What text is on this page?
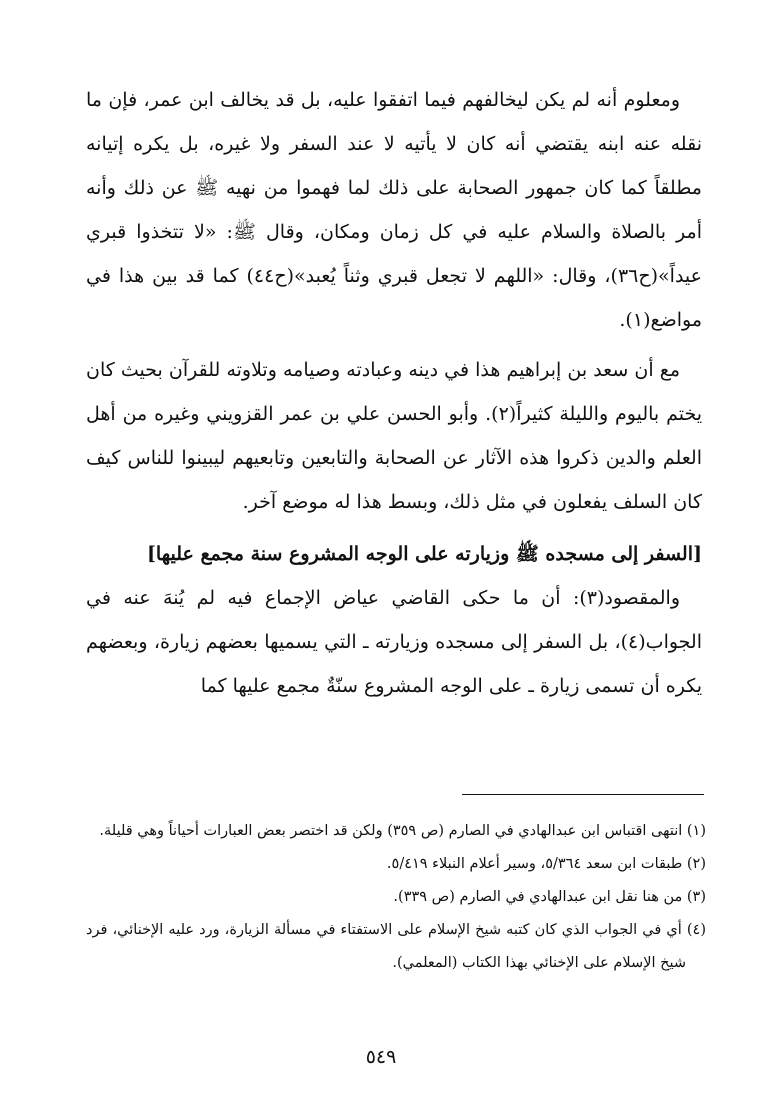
ومعلوم أنه لم يكن ليخالفهم فيما اتفقوا عليه، بل قد يخالف ابن عمر، فإن ما نقله عنه ابنه يقتضي أنه كان لا يأتيه لا عند السفر ولا غيره، بل يكره إتيانه مطلقاً كما كان جمهور الصحابة على ذلك لما فهموا من نهيه ﷺ عن ذلك وأنه أمر بالصلاة والسلام عليه في كل زمان ومكان، وقال ﷺ: «لا تتخذوا قبري عيداً»(ح٣٦)، وقال: «اللهم لا تجعل قبري وثناً يُعبد»(ح٤٤) كما قد بين هذا في مواضع(١).

مع أن سعد بن إبراهيم هذا في دينه وعبادته وصيامه وتلاوته للقرآن بحيث كان يختم باليوم والليلة كثيراً(٢). وأبو الحسن علي بن عمر القزويني وغيره من أهل العلم والدين ذكروا هذه الآثار عن الصحابة والتابعين وتابعيهم ليبينوا للناس كيف كان السلف يفعلون في مثل ذلك، وبسط هذا له موضع آخر.

[السفر إلى مسجده ﷺ وزيارته على الوجه المشروع سنة مجمع عليها]

والمقصود(٣): أن ما حكى القاضي عياض الإجماع فيه لم يُنهَ عنه في الجواب(٤)، بل السفر إلى مسجده وزيارته ـ التي يسميها بعضهم زيارة، وبعضهم يكره أن تسمى زيارة ـ على الوجه المشروع سنّةٌ مجمع عليها كما

(١) انتهى اقتباس ابن عبدالهادي في الصارم (ص ٣٥٩) ولكن قد اختصر بعض العبارات أحياناً وهي قليلة.

(٢) طبقات ابن سعد ٥/٣٦٤، وسير أعلام النبلاء ٥/٤١٩.

(٣) من هنا نقل ابن عبدالهادي في الصارم (ص ٣٣٩).

(٤) أي في الجواب الذي كان كتبه شيخ الإسلام على الاستفتاء في مسألة الزيارة، ورد عليه الإخنائي، فرد شيخ الإسلام على الإخنائي بهذا الكتاب (المعلمي).

٥٤٩
